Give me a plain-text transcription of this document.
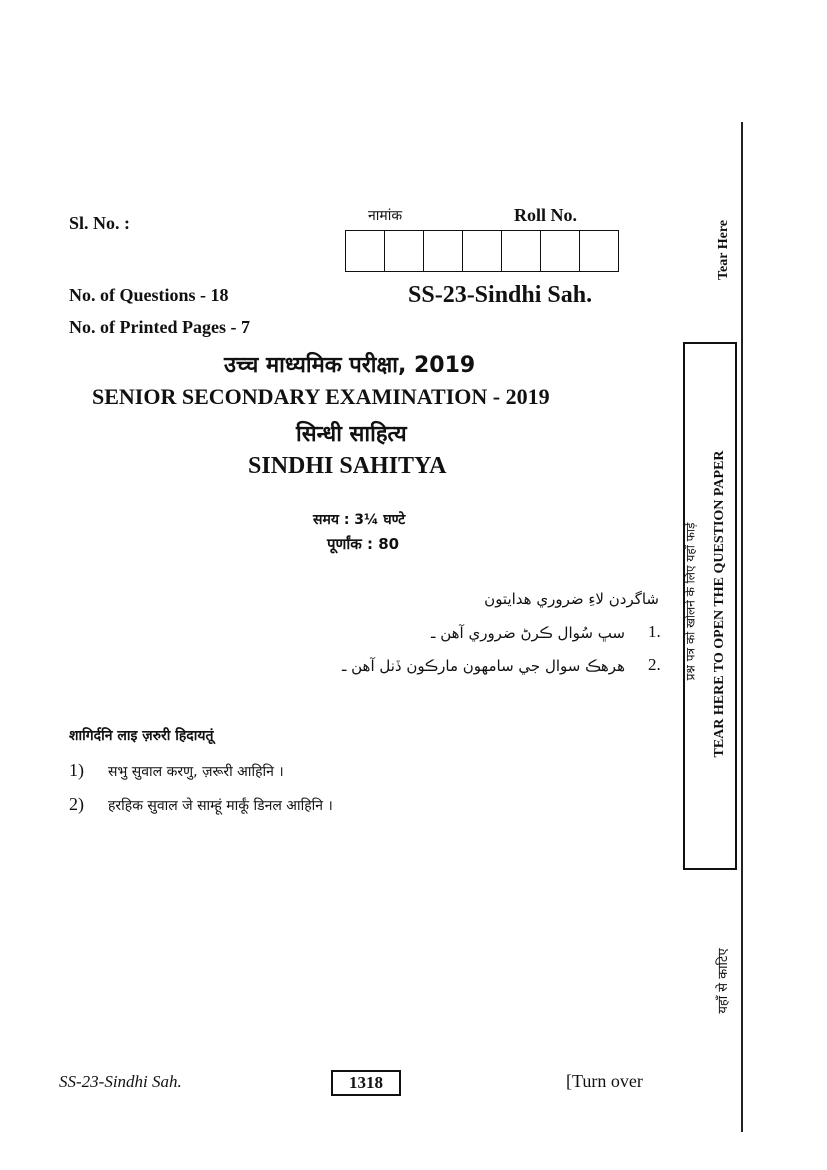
Sl. No. :	नामांक	Roll No.
No. of Questions - 18
No. of Printed Pages - 7
SS-23-Sindhi Sah.
उच्च माध्यमिक परीक्षा, 2019
SENIOR SECONDARY EXAMINATION - 2019
सिन्धी साहित्य
SINDHI SAHITYA
समय : 3¼ घण्टे
पूर्णांक : 80
شاگردن لاءِ ضروري هدايتون
1.
سڀ سُوال ڪرڻ ضروري آهن ـ
2.
هرهڪ سوال جي سامهون مارڪون ڏنل آهن ـ
शागिर्दनि लाइ ज़रुरी हिदायतूं
1) सभु सुवाल करणु, ज़रूरी आहिनि ।
2) हरहिक सुवाल जे साम्हूं मार्कूं डिनल आहिनि ।
Tear Here
प्रश्न पत्र को खोलने के लिए यहाँ फाड़ें TEAR HERE TO OPEN THE QUESTION PAPER
यहाँ से काटिए
SS-23-Sindhi Sah.	1318	[Turn over
